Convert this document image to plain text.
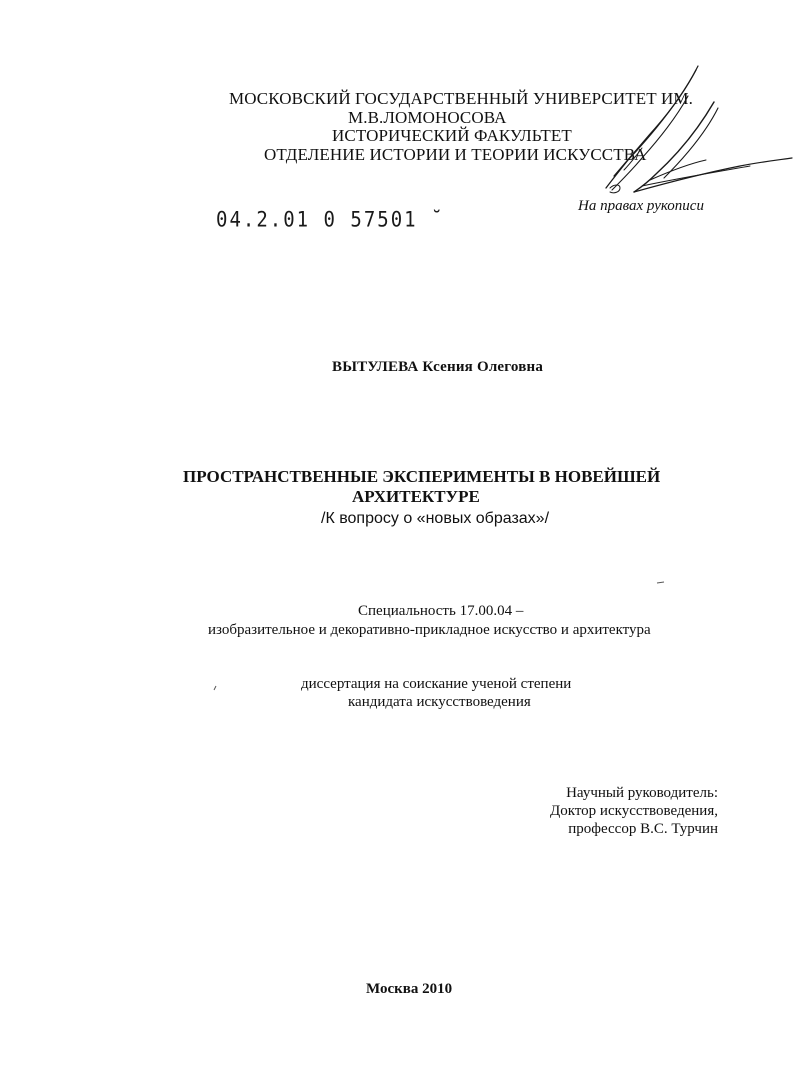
МОСКОВСКИЙ ГОСУДАРСТВЕННЫЙ УНИВЕРСИТЕТ ИМ.
М.В.ЛОМОНОСОВА
ИСТОРИЧЕСКИЙ ФАКУЛЬТЕТ
ОТДЕЛЕНИЕ ИСТОРИИ И ТЕОРИИ ИСКУССТВА
04.2.01 0 57501 ˘
На правах рукописи
ВЫТУЛЕВА Ксения Олеговна
ПРОСТРАНСТВЕННЫЕ ЭКСПЕРИМЕНТЫ В НОВЕЙШЕЙ
АРХИТЕКТУРЕ
/К вопросу о «новых образах»/
Специальность 17.00.04 –
изобразительное и декоративно-прикладное искусство и архитектура
диссертация на соискание ученой степени
кандидата искусствоведения
Научный руководитель:
Доктор искусствоведения,
профессор В.С. Турчин
Москва 2010
